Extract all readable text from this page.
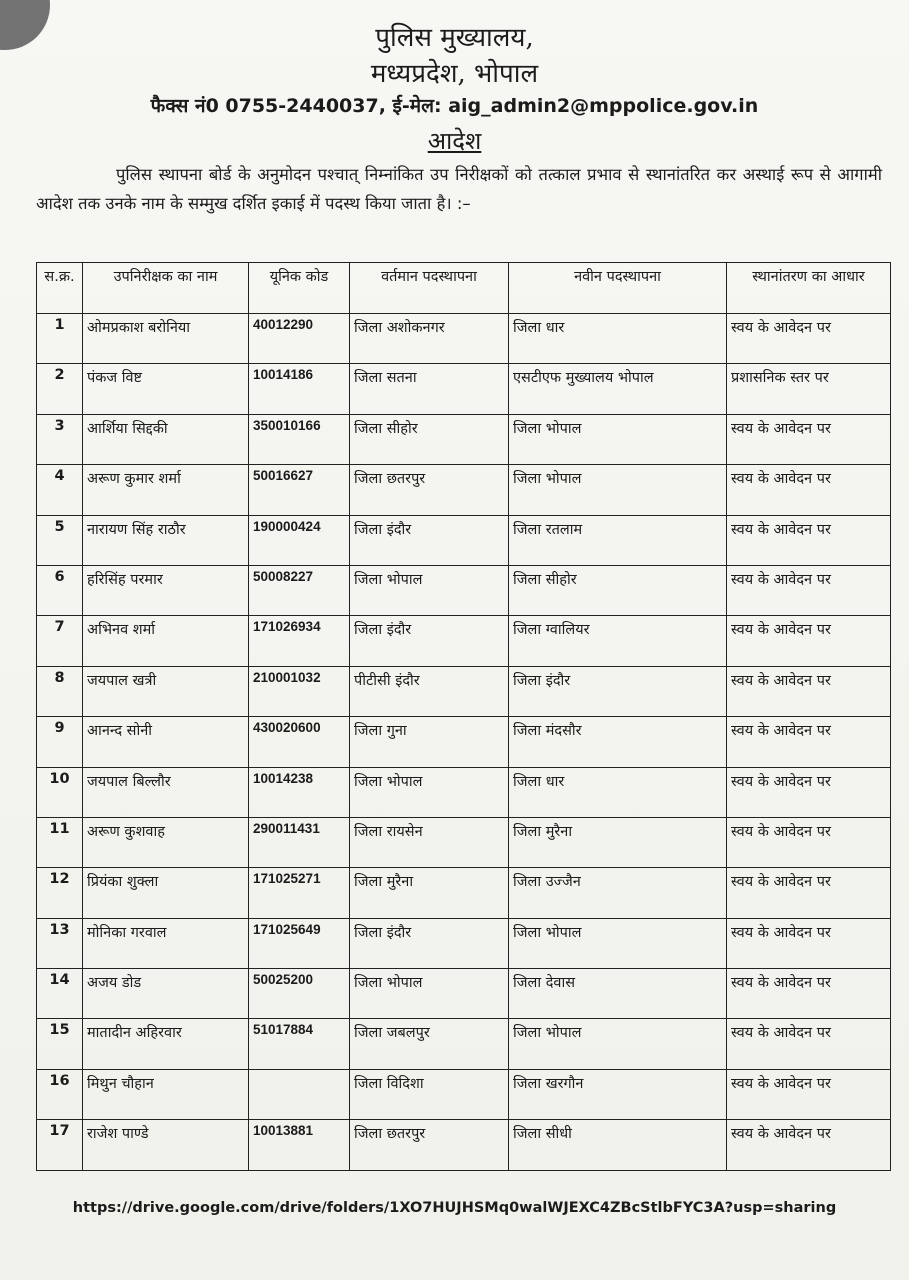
पुलिस मुख्यालय,
मध्यप्रदेश, भोपाल
फैक्स नं0 0755-2440037, ई-मेल: aig_admin2@mppolice.gov.in
आदेश
पुलिस स्थापना बोर्ड के अनुमोदन पश्चात् निम्नांकित उप निरीक्षकों को तत्काल प्रभाव से स्थानांतरित कर अस्थाई रूप से आगामी आदेश तक उनके नाम के सम्मुख दर्शित इकाई में पदस्थ किया जाता है। :–
स.क्र.	उपनिरीक्षक का नाम	यूनिक कोड	वर्तमान पदस्थापना	नवीन पदस्थापना	स्थानांतरण का आधार
1	ओमप्रकाश बरोनिया	40012290	जिला अशोकनगर	जिला धार	स्वय के आवेदन पर
2	पंकज विष्ट	10014186	जिला सतना	एसटीएफ मुख्यालय भोपाल	प्रशासनिक स्तर पर
3	आर्शिया सिद्दकी	350010166	जिला सीहोर	जिला भोपाल	स्वय के आवेदन पर
4	अरूण कुमार शर्मा	50016627	जिला छतरपुर	जिला भोपाल	स्वय के आवेदन पर
5	नारायण सिंह राठौर	190000424	जिला इंदौर	जिला रतलाम	स्वय के आवेदन पर
6	हरिसिंह परमार	50008227	जिला भोपाल	जिला सीहोर	स्वय के आवेदन पर
7	अभिनव शर्मा	171026934	जिला इंदौर	जिला ग्वालियर	स्वय के आवेदन पर
8	जयपाल खत्री	210001032	पीटीसी इंदौर	जिला इंदौर	स्वय के आवेदन पर
9	आनन्द सोनी	430020600	जिला गुना	जिला मंदसौर	स्वय के आवेदन पर
10	जयपाल बिल्लौर	10014238	जिला भोपाल	जिला धार	स्वय के आवेदन पर
11	अरूण कुशवाह	290011431	जिला रायसेन	जिला मुरैना	स्वय के आवेदन पर
12	प्रियंका शुक्ला	171025271	जिला मुरैना	जिला उज्जैन	स्वय के आवेदन पर
13	मोनिका गरवाल	171025649	जिला इंदौर	जिला भोपाल	स्वय के आवेदन पर
14	अजय डोड	50025200	जिला भोपाल	जिला देवास	स्वय के आवेदन पर
15	मातादीन अहिरवार	51017884	जिला जबलपुर	जिला भोपाल	स्वय के आवेदन पर
16	मिथुन चौहान		जिला विदिशा	जिला खरगौन	स्वय के आवेदन पर
17	राजेश पाण्डे	10013881	जिला छतरपुर	जिला सीधी	स्वय के आवेदन पर
https://drive.google.com/drive/folders/1XO7HUJHSMq0walWJEXC4ZBcStlbFYC3A?usp=sharing
